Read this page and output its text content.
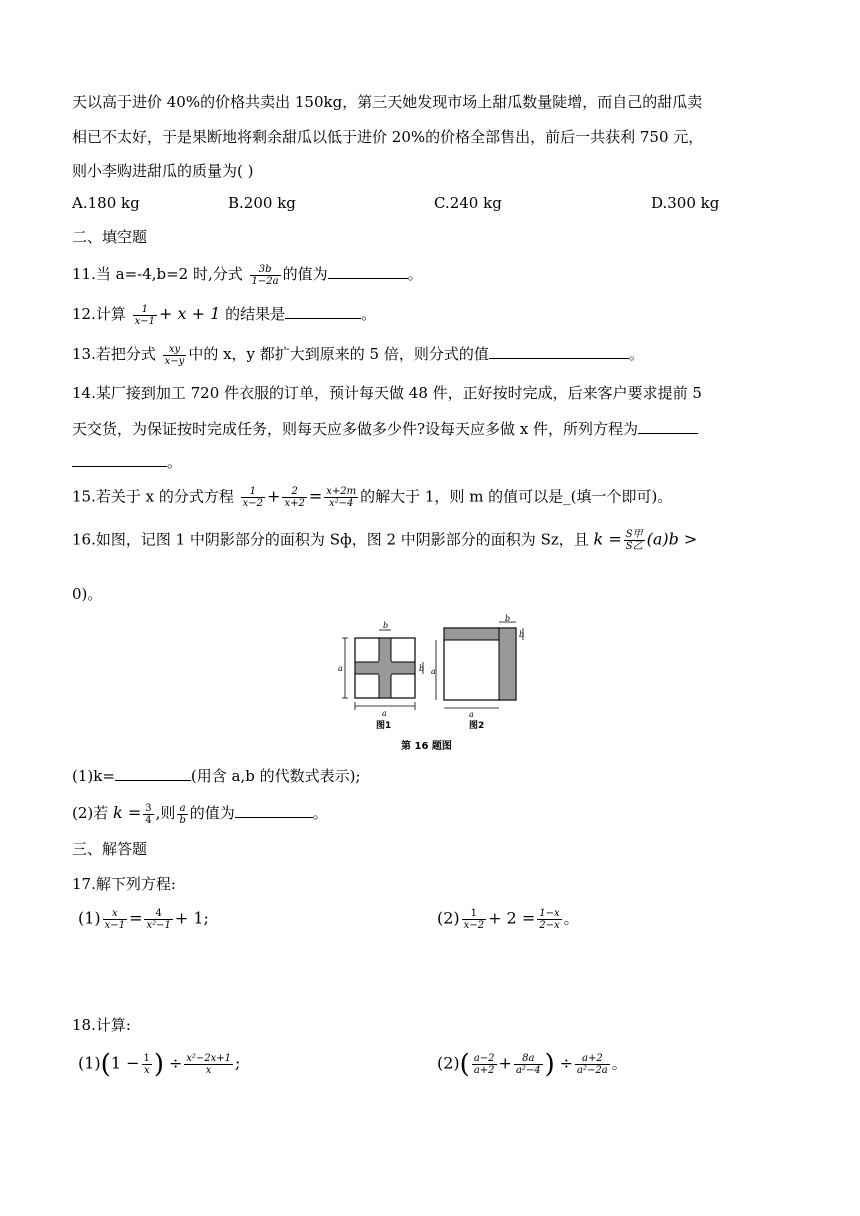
天以高于进价 40%的价格共卖出 150kg，第三天她发现市场上甜瓜数量陡增，而自己的甜瓜卖
相已不太好，于是果断地将剩余甜瓜以低于进价 20%的价格全部售出，前后一共获利 750 元，
则小李购进甜瓜的质量为( )
A.180 kg	B.200 kg	C.240 kg	D.300 kg
二、填空题
11.当 a=-4,b=2 时,分式 $\frac{3b}{1-2a}$ 的值为	。
12.计算 $\frac{1}{x-1} + x + 1$ 的结果是	。
13.若把分式 $\frac{xy}{x-y}$ 中的 x，y 都扩大到原来的 5 倍，则分式的值	。
14.某厂接到加工 720 件衣服的订单，预计每天做 48 件，正好按时完成，后来客户要求提前 5
天交货，为保证按时完成任务，则每天应多做多少件?设每天应多做 x 件，所列方程为
。
15.若关于 x 的分式方程 $\frac{1}{x-2} + \frac{2}{x+2} = \frac{x+2m}{\text{x²−4}}$ 的解大于 1，则 m 的值可以是_(填一个即可)。
16.如图，记图 1 中阴影部分的面积为 Sф，图 2 中阴影部分的面积为 Sz，且 $k = \frac{\text{S甲}}{\text{S乙}} (a)b$ >
0)。
a
b
b
a
a
a
b
b
图1	图2
第 16 题图
(1)k=	(用含 a,b 的代数式表示);
(2)若 $k = \frac{3}{4}$ ,则 $\frac{a}{b}$ 的值为	。
三、解答题
17.解下列方程:
$(1) \frac{x}{x-1} = \frac{4}{\text{x²−1}} + 1$;	$(2) \frac{1}{x-2} + 2 = \frac{1-x}{2-x}$ 。
18.计算:
$(1)(1 - \frac{1}{x}$ ) ÷ $\frac{\text{x²−2x+1}}{x}$ ;	$(2)( \frac{a-2}{a+2} + \frac{8a}{\text{a²−4}}$ ) ÷ $\frac{a+2}{\text{a²−2a}}$ 。
